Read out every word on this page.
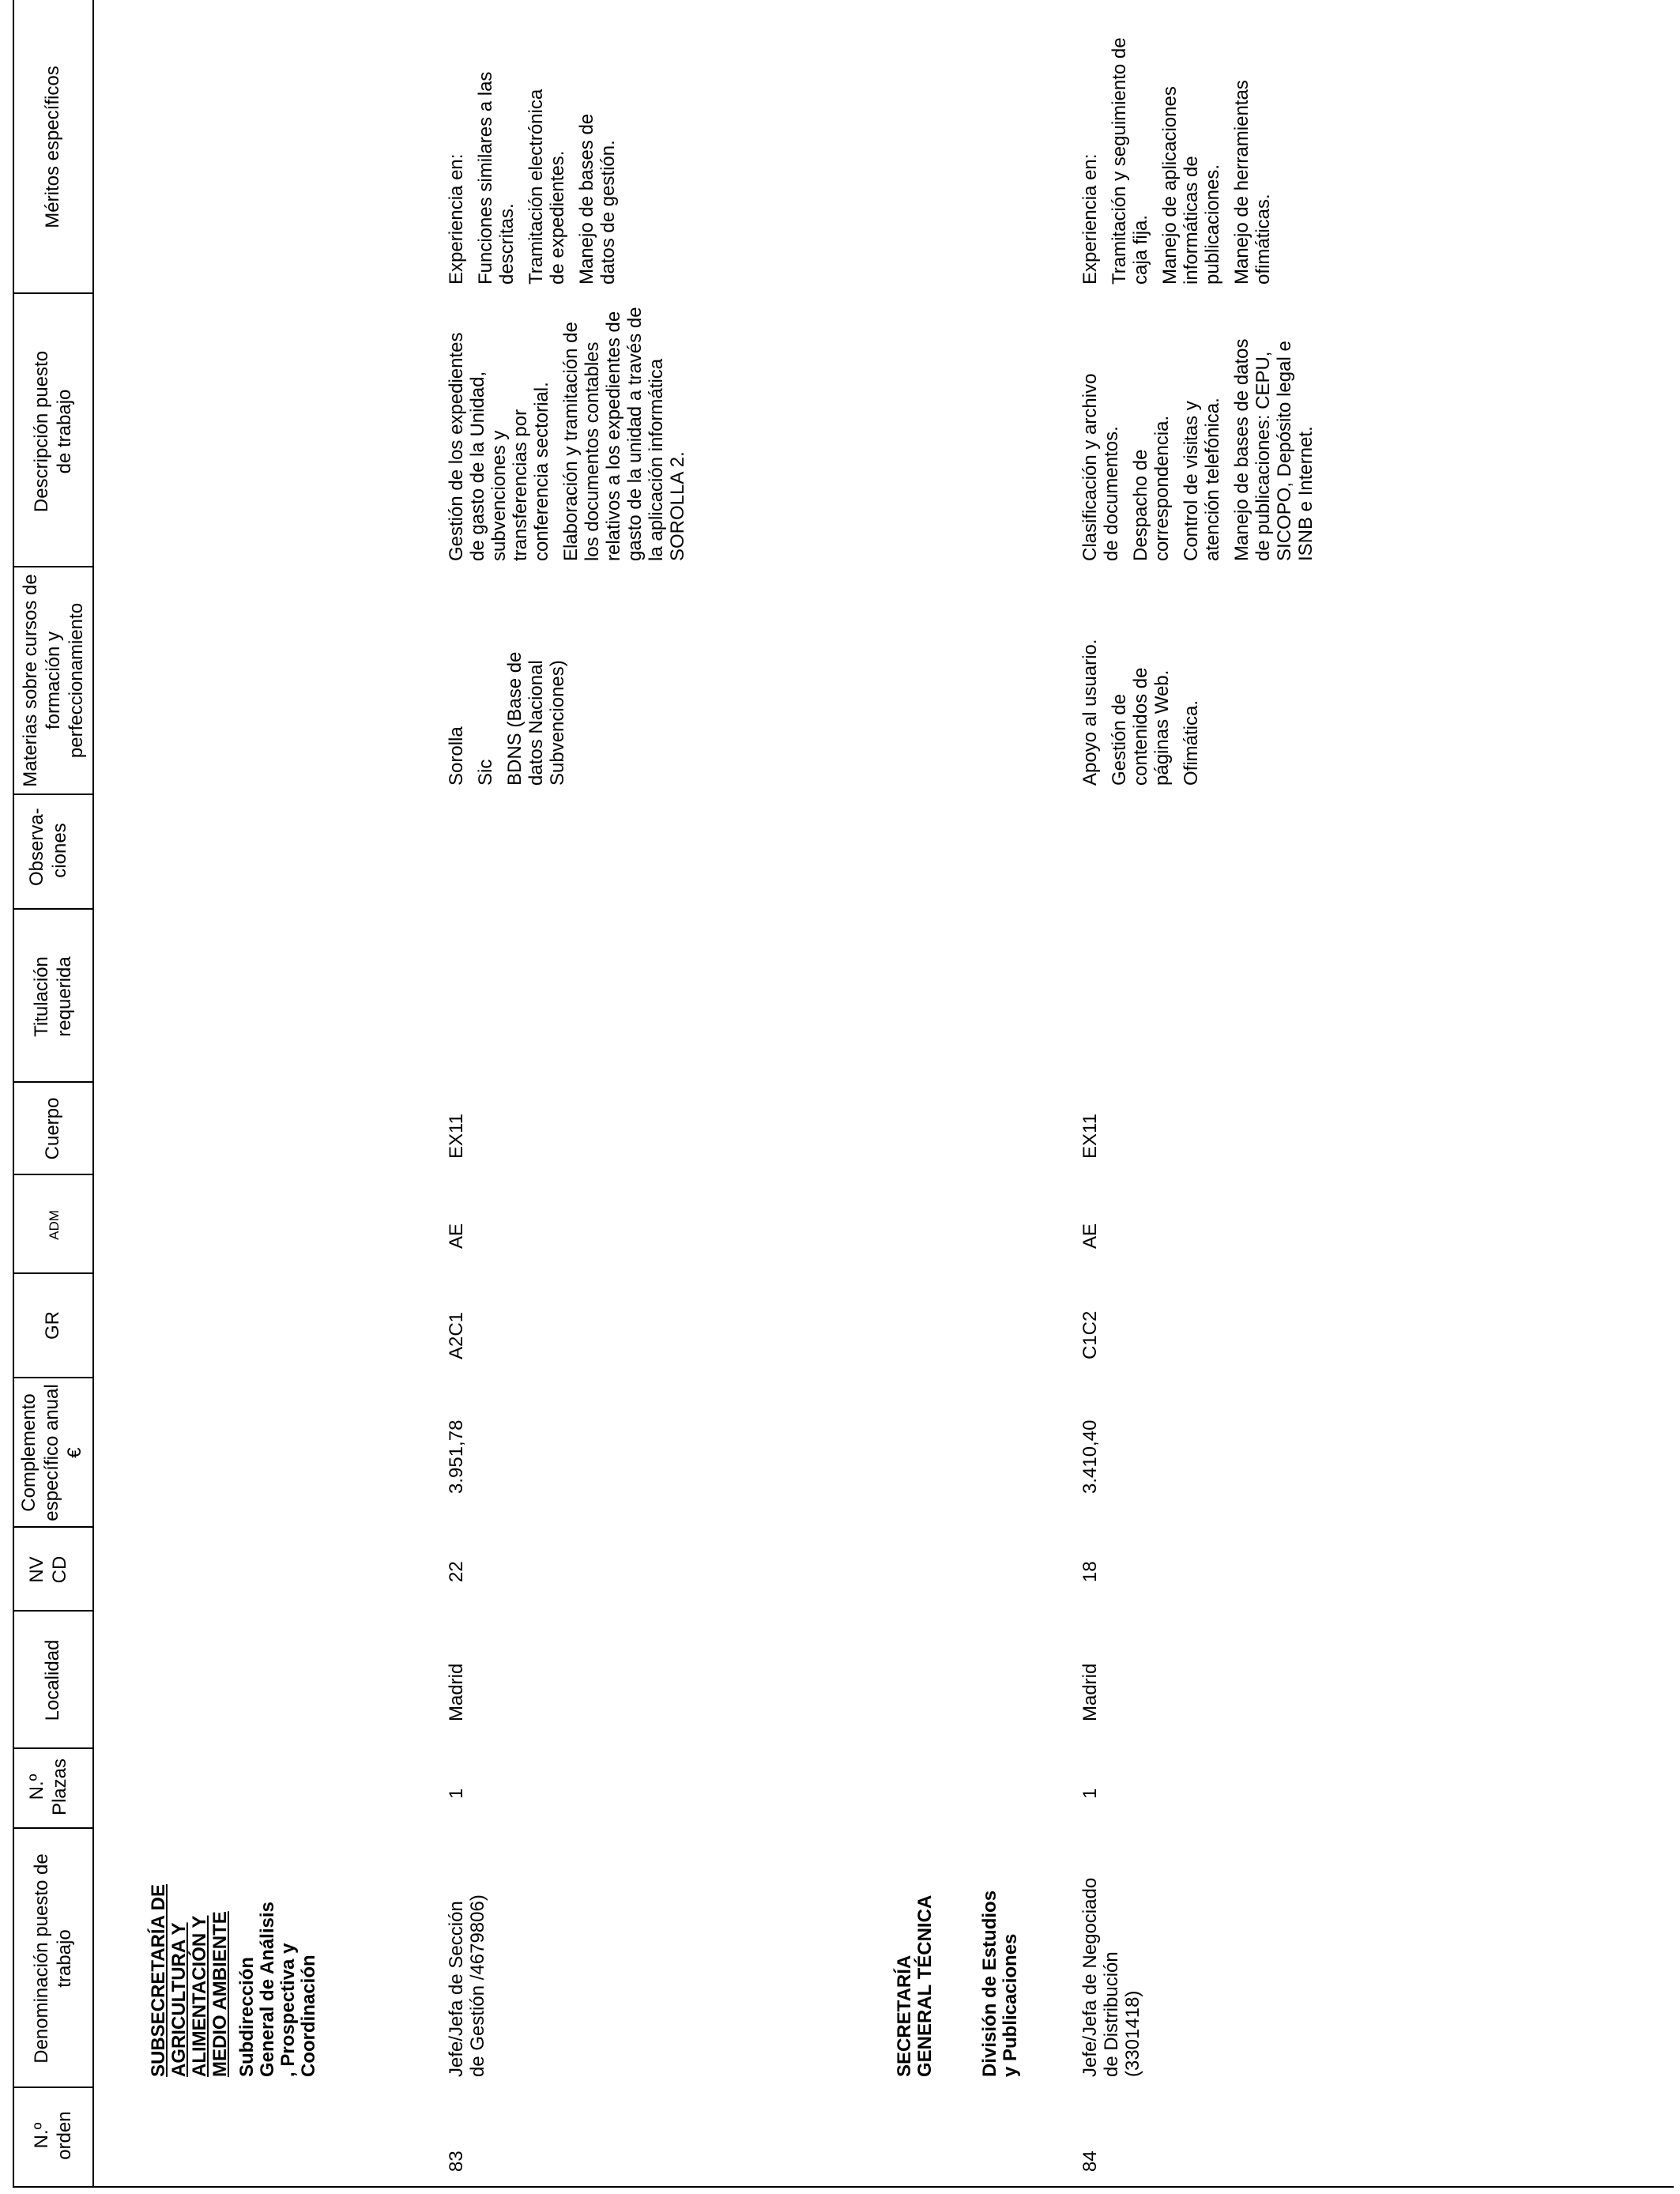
N.º orden
Denominación puesto de trabajo
N.º Plazas
Localidad
NV CD
Complemento específico anual €
GR
ADM
Cuerpo
Titulación requerida
Observa-ciones
Materias sobre cursos de formación y perfeccionamiento
Descripción puesto de trabajo
Méritos específicos
SUBSECRETARÍA DE AGRICULTURA Y ALIMENTACIÓN Y MEDIO AMBIENTE Subdirección General de Análisis , Prospectiva y Coordinación	SECRETARÍA GENERAL TÉCNICA División de Estudios y Publicaciones
83
Jefe/Jefa de Sección de Gestión /4679806)
1
Madrid
22
3.951,78
A2C1
AE
EX11

Sorolla Sic BDNS (Base de datos Nacional Subvenciones)

Gestión de los expedientes de gasto de la Unidad, subvenciones y transferencias por conferencia sectorial. Elaboración y tramitación de los documentos contables relativos a los expedientes de gasto de la unidad a través de la aplicación informática SOROLLA 2.

Experiencia en: Funciones similares a las descritas. Tramitación electrónica de expedientes. Manejo de bases de datos de gestión.

84
Jefe/Jefa de Negociado de Distribución (3301418)
1
Madrid
18
3.410,40
C1C2
AE
EX11

Apoyo al usuario. Gestión de contenidos de páginas Web. Ofimática.

Clasificación y archivo de documentos. Despacho de correspondencia. Control de visitas y atención telefónica. Manejo de bases de datos de publicaciones: CEPU, SICOPO, Depósito legal e ISNB e Internet.

Experiencia en: Tramitación y seguimiento de caja fija. Manejo de aplicaciones informáticas de publicaciones. Manejo de herramientas ofimáticas.
